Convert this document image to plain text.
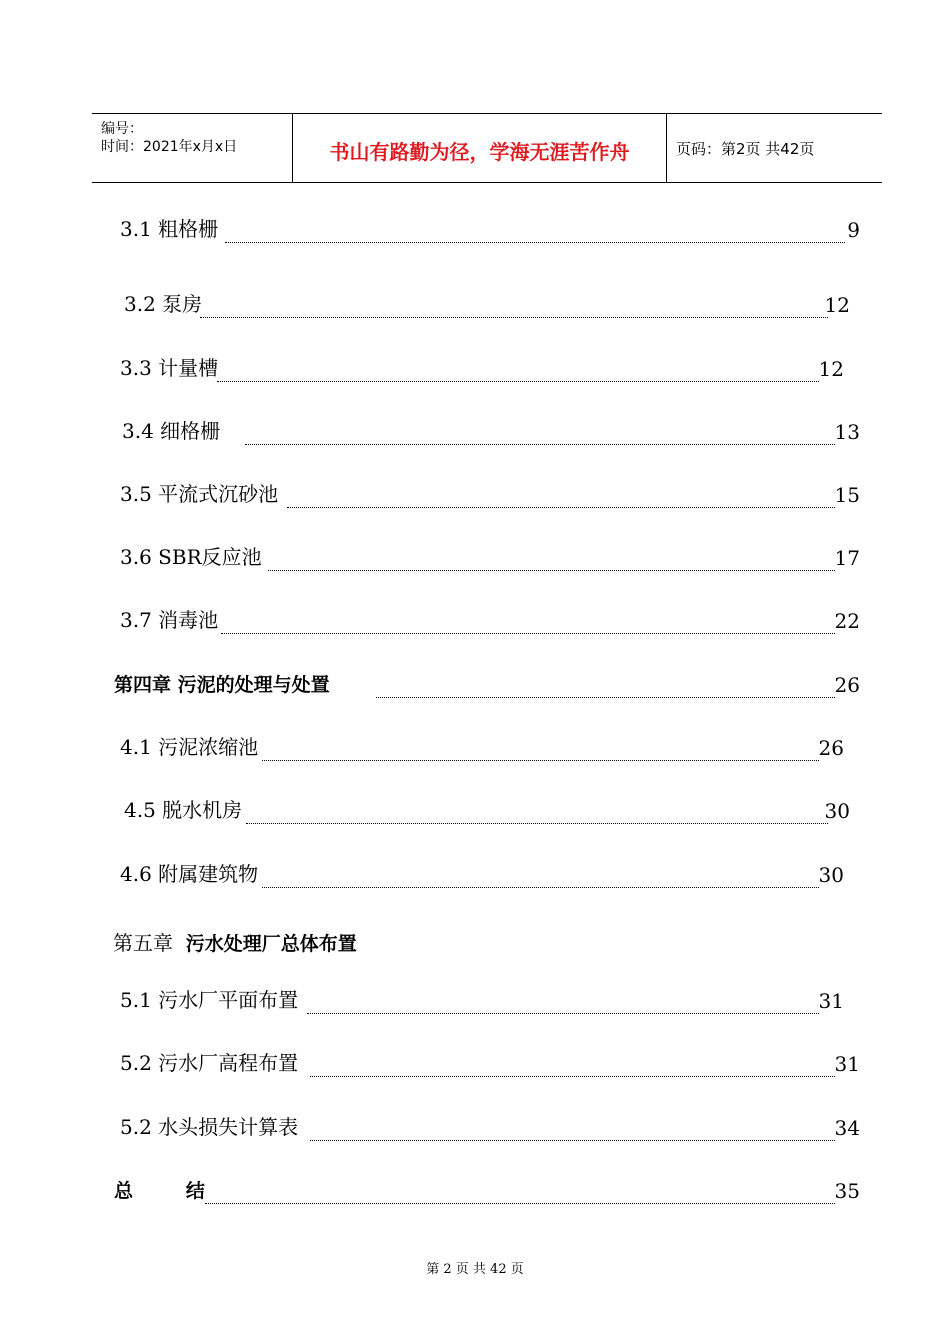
编号：
时间：2021年x月x日	书山有路勤为径，学海无涯苦作舟	页码：第2页 共42页
3.1 粗格栅	9
3.2 泵房	12
3.3 计量槽	12
3.4 细格栅	13
3.5 平流式沉砂池	15
3.6 SBR反应池	17
3.7 消毒池	22
第四章 污泥的处理与处置	26
4.1 污泥浓缩池	26
4.5 脱水机房	30
4.6 附属建筑物	30
第五章 污水处理厂总体布置
5.1 污水厂平面布置	31
5.2 污水厂高程布置	31
5.2 水头损失计算表	34
总        结	35
第 2 页 共 42 页
